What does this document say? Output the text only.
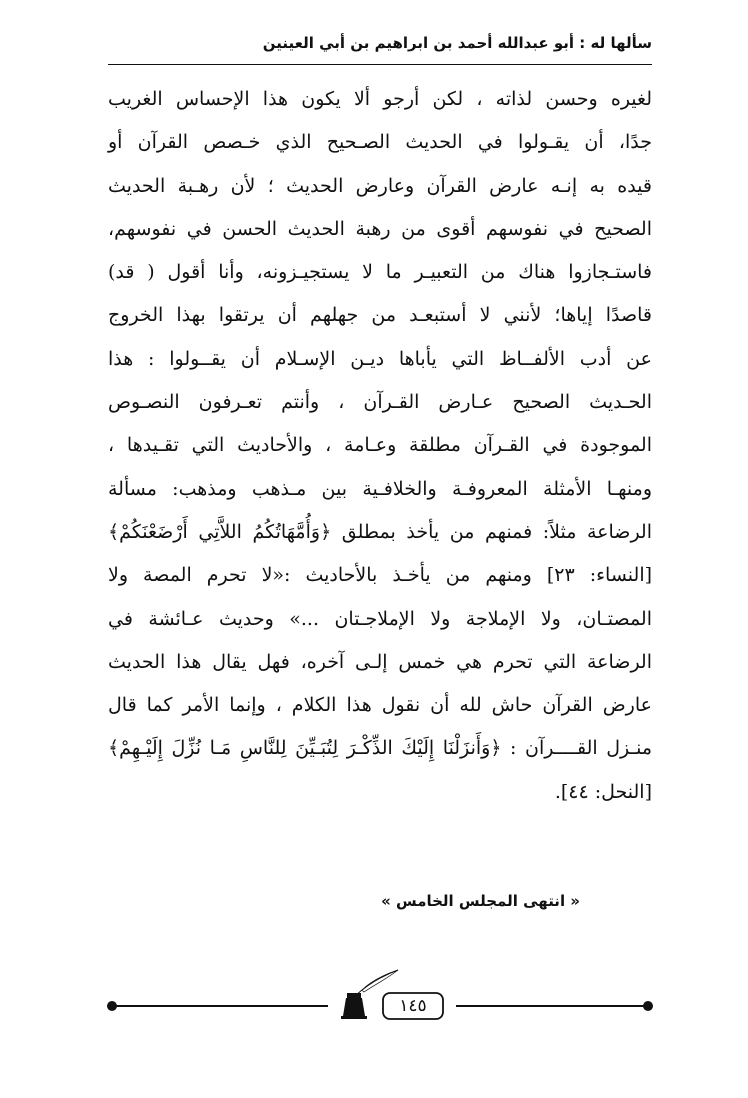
سألها له : أبو عبدالله أحمد بن ابراهيم بن أبي العينين
لغيره وحسن لذاته ، لكن أرجو ألا يكون هذا الإحساس الغريب
جدًا، أن يقـولوا في الحديث الصـحيح الذي خـصص القرآن أو
قيده به إنـه عارض القرآن وعارض الحديث ؛ لأن رهـبة الحديث
الصحيح في نفوسهم أقوى من رهبة الحديث الحسن في نفوسهم،
فاستـجازوا هناك من التعبيـر ما لا يستجيـزونه، وأنا أقول ( قد)
قاصدًا إياها؛ لأنني لا أستبعـد من جهلهم أن يرتقوا بهذا الخروج
عن أدب الألفــاظ التي يأباها ديـن الإسـلام أن يقــولوا : هذا
الحـديث الصحيح عـارض القـرآن ، وأنتم تعـرفون النصـوص
الموجودة في القـرآن مطلقة وعـامة ، والأحاديث التي تقـيدها ،
ومنهـا الأمثلة المعروفـة والخلافـية بين مـذهب ومذهب: مسألة
الرضاعة مثلاً: فمنهم من يأخذ بمطلق ﴿وَأُمَّهَاتُكُمُ اللاَّتِي أَرْضَعْنَكُمْ﴾
[النساء: ٢٣] ومنهم من يأخـذ بالأحاديث :«لا تحرم المصة ولا
المصتـان، ولا الإملاجة ولا الإملاجـتان ...» وحديث عـائشة في
الرضاعة التي تحرم هي خمس إلـى آخره، فهل يقال هذا الحديث
عارض القرآن حاش لله أن نقول هذا الكلام ، وإنما الأمر كما قال
منـزل القــــرآن : ﴿وَأَنزَلْنَا إِلَيْكَ الذِّكْـرَ لِتُبَـيِّنَ لِلنَّاسِ مَـا نُزِّلَ إِلَيْـهِمْ﴾
[النحل: ٤٤].
« انتهى المجلس الخامس »
١٤٥
